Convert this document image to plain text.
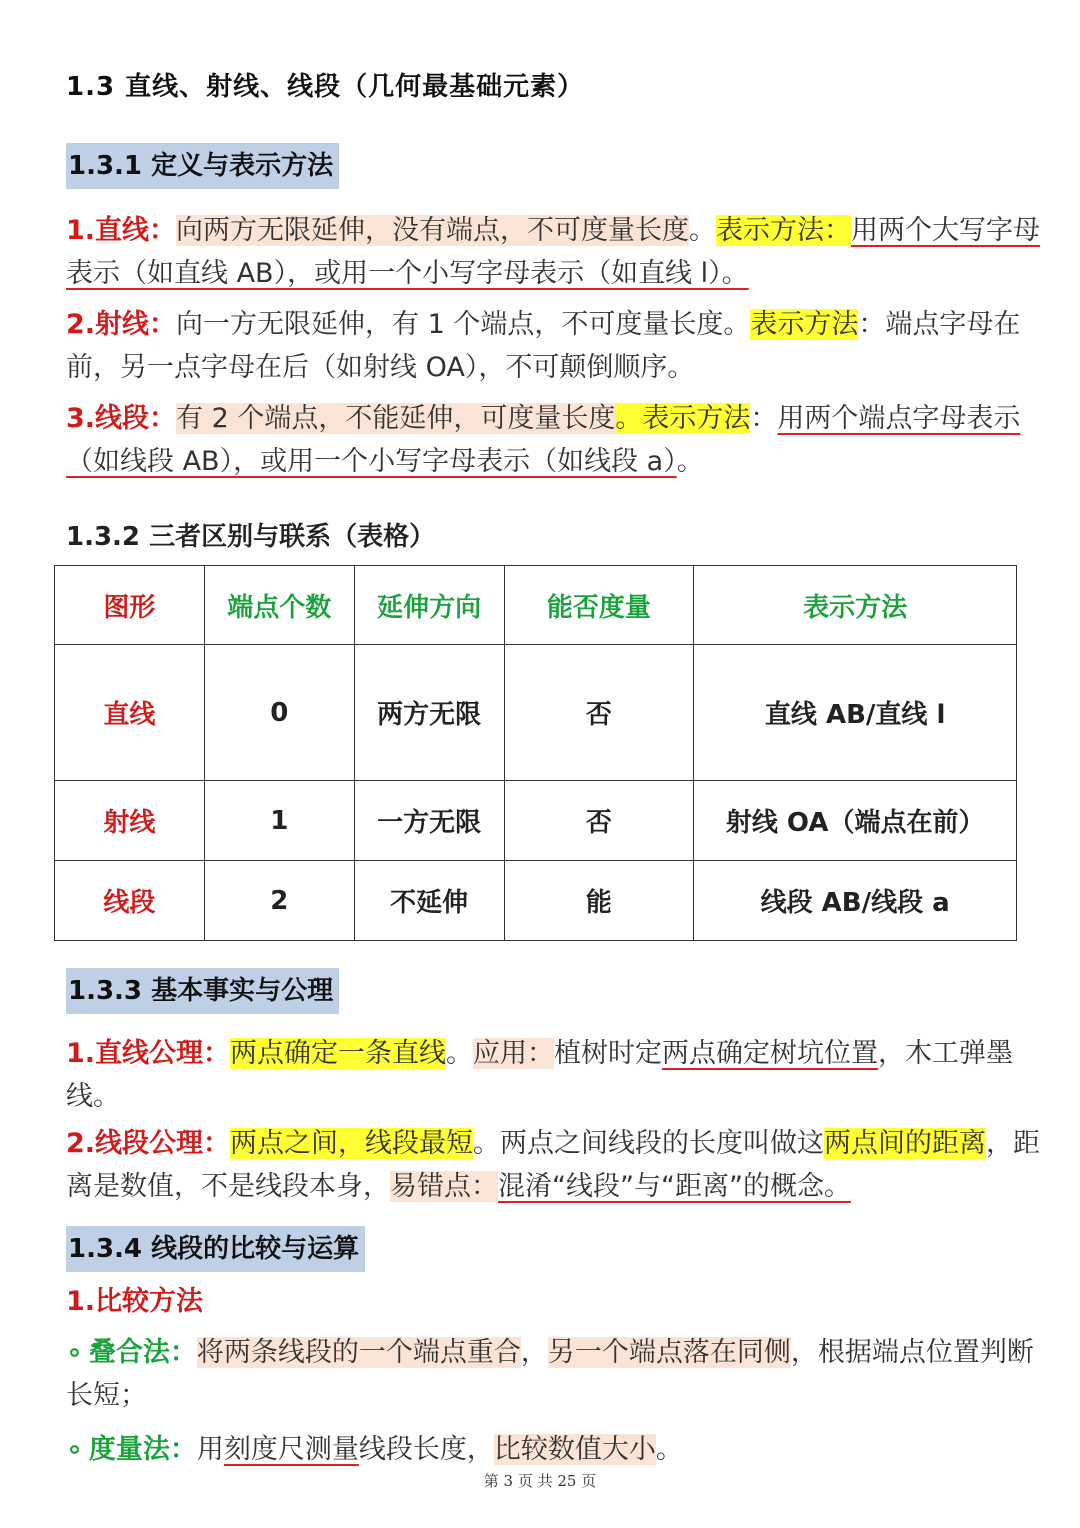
1.3 直线、射线、线段（几何最基础元素）
1.3.1 定义与表示方法
1.直线：向两方无限延伸，没有端点，不可度量长度。表示方法：用两个大写字母表示（如直线 AB），或用一个小写字母表示（如直线 l）。
2.射线：向一方无限延伸，有 1 个端点，不可度量长度。表示方法：端点字母在前，另一点字母在后（如射线 OA），不可颠倒顺序。
3.线段：有 2 个端点，不能延伸，可度量长度。表示方法：用两个端点字母表示（如线段 AB），或用一个小写字母表示（如线段 a）。
1.3.2 三者区别与联系（表格）
图形	端点个数	延伸方向	能否度量	表示方法
直线	0	两方无限	否	直线 AB/直线 l
射线	1	一方无限	否	射线 OA（端点在前）
线段	2	不延伸	能	线段 AB/线段 a
1.3.3 基本事实与公理
1.直线公理：两点确定一条直线。应用：植树时定两点确定树坑位置，木工弹墨线。
2.线段公理：两点之间，线段最短。两点之间线段的长度叫做这两点间的距离，距离是数值，不是线段本身，易错点：混淆“线段”与“距离”的概念。
1.3.4 线段的比较与运算
1.比较方法
∘ 叠合法：将两条线段的一个端点重合，另一个端点落在同侧，根据端点位置判断长短；
∘ 度量法：用刻度尺测量线段长度，比较数值大小。
第 3 页 共 25 页
